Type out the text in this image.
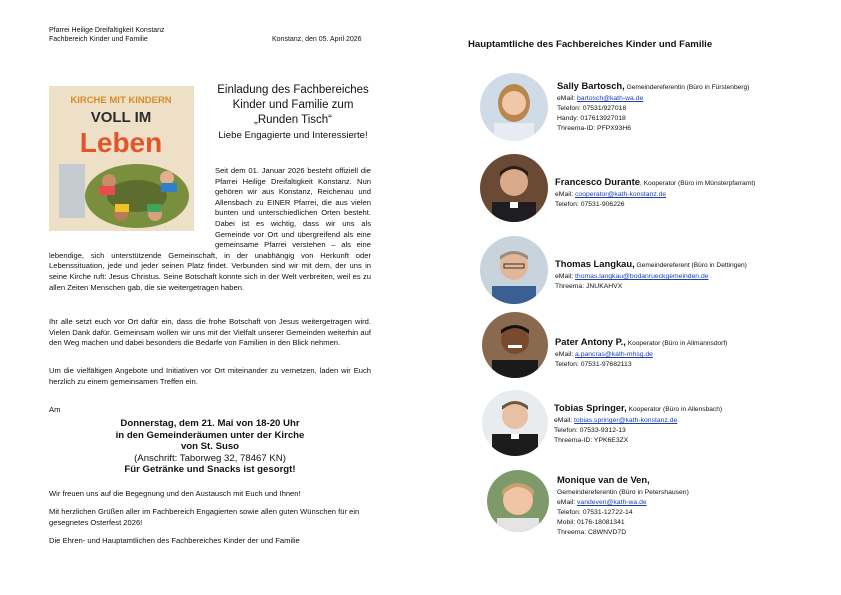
Pfarrei Heilige Dreifaltigkeit Konstanz
Fachbereich Kinder und Familie	Konstanz, den 05. April 2026
KIRCHE MIT KINDERN
VOLL IM
Leben
Einladung des Fachbereiches
Kinder und Familie zum
„Runden Tisch“
Liebe Engagierte und Interessierte!
Seit dem 01. Januar 2026 besteht offiziell die Pfarrei Heilige Dreifaltigkeit Konstanz. Nun gehören wir aus Konstanz, Reichenau und Allensbach zu EINER Pfarrei, die aus vielen bunten und unterschiedlichen Orten besteht. Dabei ist es wichtig, dass wir uns als Gemeinde vor Ort und übergreifend als eine gemeinsame Pfarrei verstehen – als eine lebendige, sich unterstützende Gemeinschaft, in der unabhängig von Herkunft oder Lebenssituation, jede und jeder seinen Platz findet. Verbunden sind wir mit dem, der uns in seine Kirche ruft: Jesus Christus. Seine Botschaft konnte sich in der Welt verbreiten, weil es zu allen Zeiten Menschen gab, die sie weitergetragen haben.
Ihr alle setzt euch vor Ort dafür ein, dass die frohe Botschaft von Jesus weitergetragen wird. Vielen Dank dafür. Gemeinsam wollen wir uns mit der Vielfalt unserer Gemeinden weiterhin auf den Weg machen und dabei besonders die Bedarfe von Familien in den Blick nehmen.
Um die vielfältigen Angebote und Initiativen vor Ort miteinander zu vernetzen, laden wir Euch herzlich zu einem gemeinsamen Treffen ein.
Am
Donnerstag, dem 21. Mai von 18-20 Uhr
in den Gemeinderäumen unter der Kirche
von St. Suso
(Anschrift: Taborweg 32, 78467 KN)
Für Getränke und Snacks ist gesorgt!
Wir freuen uns auf die Begegnung und den Austausch mit Euch und Ihnen!
Mit herzlichen Grüßen aller im Fachbereich Engagierten sowie allen guten Wünschen für ein gesegnetes Osterfest 2026!
Die Ehren- und Hauptamtlichen des Fachbereiches Kinder der und Familie
Hauptamtliche des Fachbereiches Kinder und Familie
Sally Bartosch, Gemeindereferentin (Büro in Fürstenberg)
eMail: bartosch@kath-wa.de
Telefon: 07531/927018
Handy: 017613927018
Threema-ID: PFPX93H6
Francesco Durante, Kooperator (Büro im Münsterpfarramt)
eMail: cooperator@kath-konstanz.de
Telefon: 07531-906226
Thomas Langkau, Gemeindereferent (Büro in Dettingen)
eMail: thomas.langkau@bodanrueckgemeinden.de
Threema: JNUKAHVX
Pater Antony P., Kooperator (Büro in Allmannsdorf)
eMail: a.pancras@kath-mhsg.de
Telefon: 07531-97682113
Tobias Springer, Kooperator (Büro in Allensbach)
eMail: tobias.springer@kath-konstanz.de
Telefon: 07533-9312-13
Threema-ID: YPK6E3ZX
Monique van de Ven,
Gemeindereferentin (Büro in Petershausen)
eMail: vandeven@kath-wa.de
Telefon: 07531-12722-14
Mobil: 0176-18081341
Threema: C8WNVD7D
